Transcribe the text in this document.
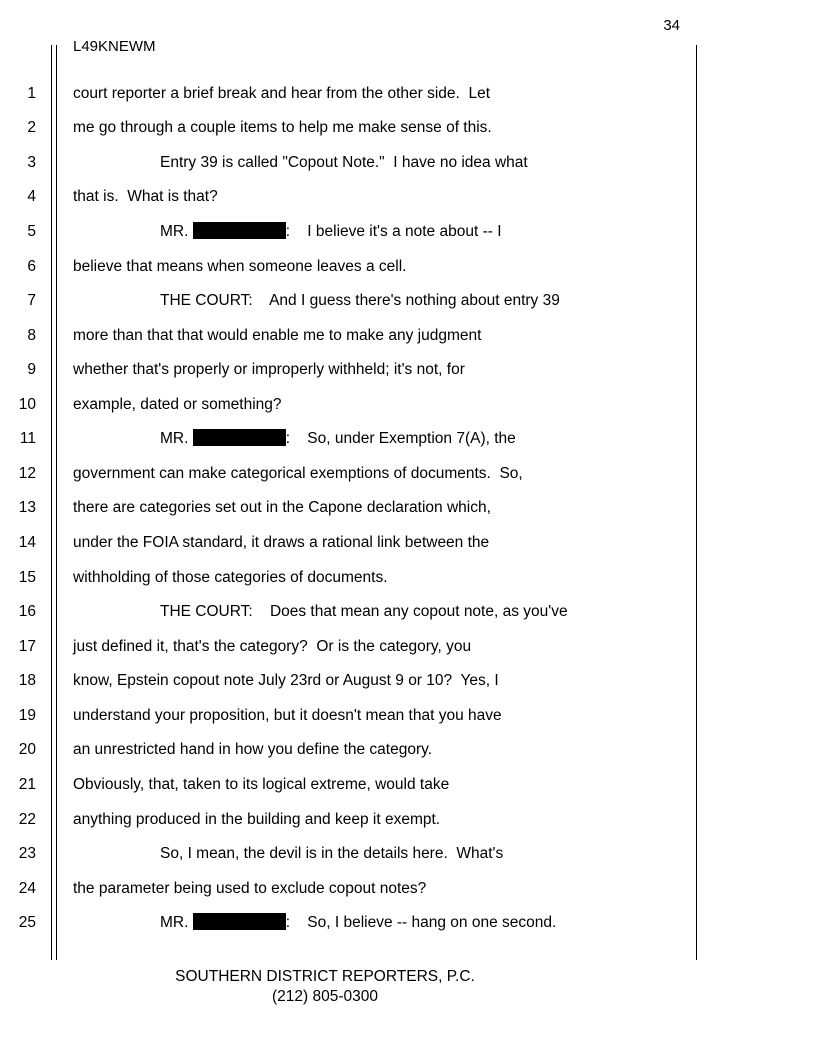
34
L49KNEWM
1 court reporter a brief break and hear from the other side.  Let
2 me go through a couple items to help me make sense of this.
3	Entry 39 is called "Copout Note."  I have no idea what
4 that is.  What is that?
5	MR.	:    I believe it's a note about -- I
6 believe that means when someone leaves a cell.
7	THE COURT:    And I guess there's nothing about entry 39
8 more than that that would enable me to make any judgment
9 whether that's properly or improperly withheld; it's not, for
10 example, dated or something?
11	MR.	:    So, under Exemption 7(A), the
12 government can make categorical exemptions of documents.  So,
13 there are categories set out in the Capone declaration which,
14 under the FOIA standard, it draws a rational link between the
15 withholding of those categories of documents.
16	THE COURT:    Does that mean any copout note, as you've
17 just defined it, that's the category?  Or is the category, you
18 know, Epstein copout note July 23rd or August 9 or 10?  Yes, I
19 understand your proposition, but it doesn't mean that you have
20 an unrestricted hand in how you define the category.
21 Obviously, that, taken to its logical extreme, would take
22 anything produced in the building and keep it exempt.
23	So, I mean, the devil is in the details here.  What's
24 the parameter being used to exclude copout notes?
25	MR.	:    So, I believe -- hang on one second.
SOUTHERN DISTRICT REPORTERS, P.C.
(212) 805-0300
